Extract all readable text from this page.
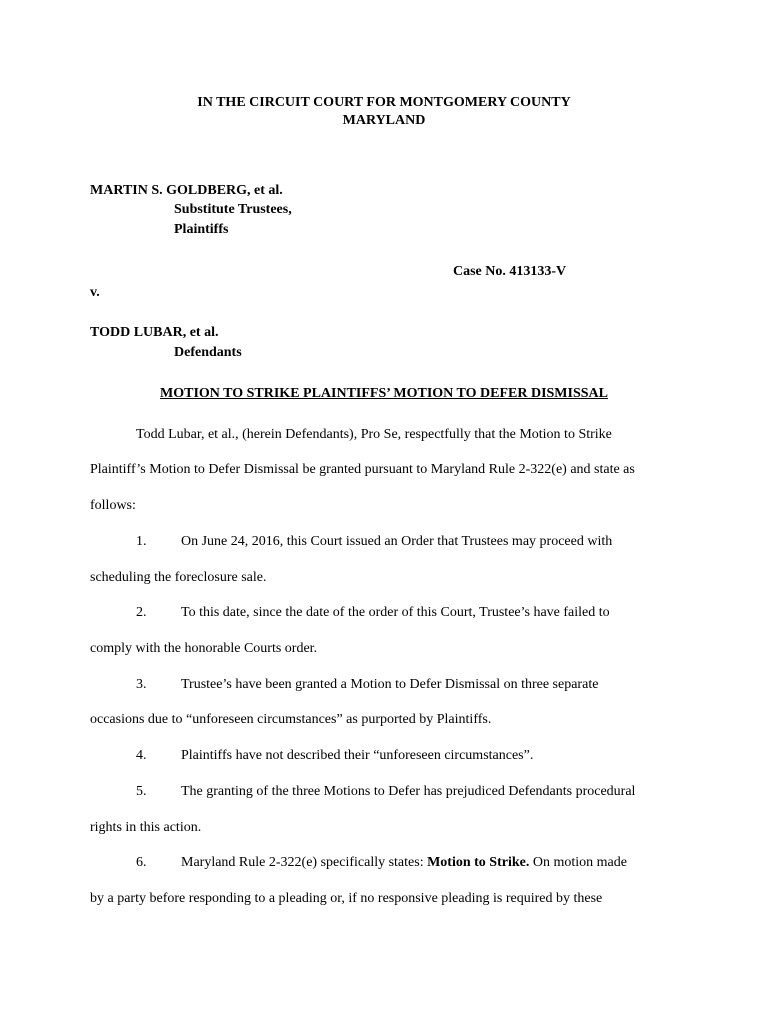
IN THE CIRCUIT COURT FOR MONTGOMERY COUNTY
MARYLAND
MARTIN S. GOLDBERG, et al.
Substitute Trustees,
Plaintiffs
Case No. 413133-V
v.
TODD LUBAR, et al.
Defendants
MOTION TO STRIKE PLAINTIFFS’ MOTION TO DEFER DISMISSAL
Todd Lubar, et al., (herein Defendants), Pro Se, respectfully that the Motion to Strike
Plaintiff’s Motion to Defer Dismissal be granted pursuant to Maryland Rule 2-322(e) and state as
follows:
1. On June 24, 2016, this Court issued an Order that Trustees may proceed with
scheduling the foreclosure sale.
2. To this date, since the date of the order of this Court, Trustee’s have failed to
comply with the honorable Courts order.
3. Trustee’s have been granted a Motion to Defer Dismissal on three separate
occasions due to “unforeseen circumstances” as purported by Plaintiffs.
4. Plaintiffs have not described their “unforeseen circumstances”.
5. The granting of the three Motions to Defer has prejudiced Defendants procedural
rights in this action.
6. Maryland Rule 2-322(e) specifically states: Motion to Strike. On motion made
by a party before responding to a pleading or, if no responsive pleading is required by these
